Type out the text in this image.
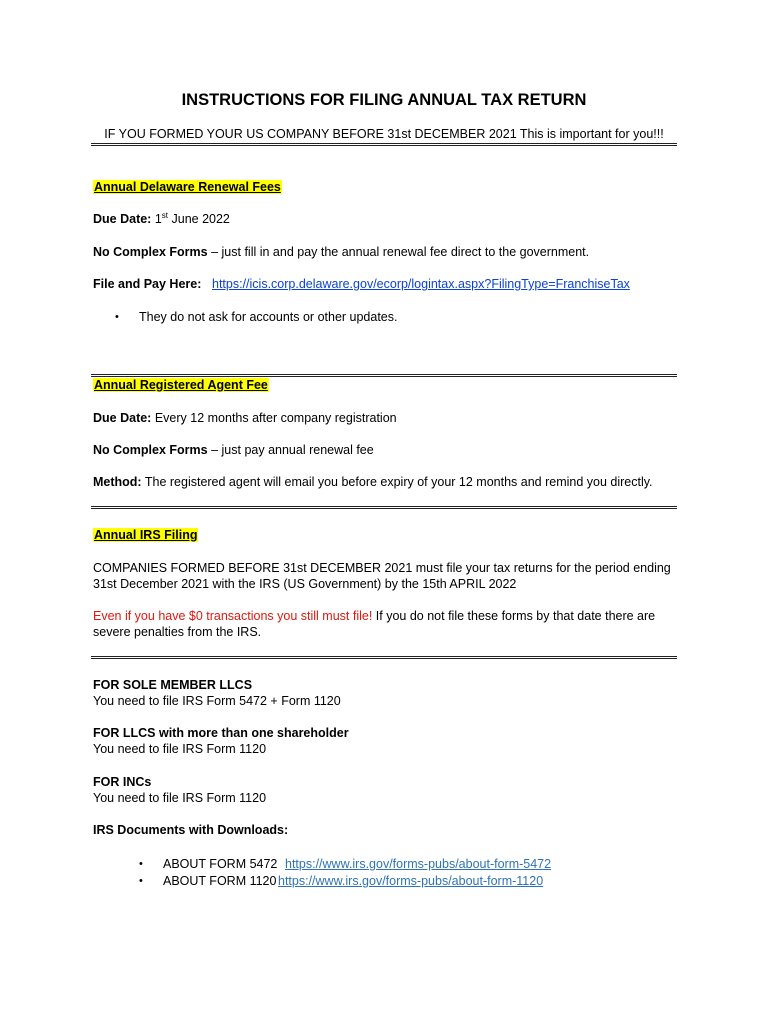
INSTRUCTIONS FOR FILING ANNUAL TAX RETURN
IF YOU FORMED YOUR US COMPANY BEFORE 31st DECEMBER 2021 This is important for you!!!
Annual Delaware Renewal Fees
Due Date: 1st June 2022
No Complex Forms – just fill in and pay the annual renewal fee direct to the government.
File and Pay Here: https://icis.corp.delaware.gov/ecorp/logintax.aspx?FilingType=FranchiseTax
• They do not ask for accounts or other updates.
Annual Registered Agent Fee
Due Date: Every 12 months after company registration
No Complex Forms – just pay annual renewal fee
Method: The registered agent will email you before expiry of your 12 months and remind you directly.
Annual IRS Filing
COMPANIES FORMED BEFORE 31st DECEMBER 2021 must file your tax returns for the period ending 31st December 2021 with the IRS (US Government) by the 15th APRIL 2022
Even if you have $0 transactions you still must file! If you do not file these forms by that date there are severe penalties from the IRS.
FOR SOLE MEMBER LLCS
You need to file IRS Form 5472 + Form 1120
FOR LLCS with more than one shareholder
You need to file IRS Form 1120
FOR INCs
You need to file IRS Form 1120
IRS Documents with Downloads:
• ABOUT FORM 5472 https://www.irs.gov/forms-pubs/about-form-5472
• ABOUT FORM 1120 https://www.irs.gov/forms-pubs/about-form-1120
